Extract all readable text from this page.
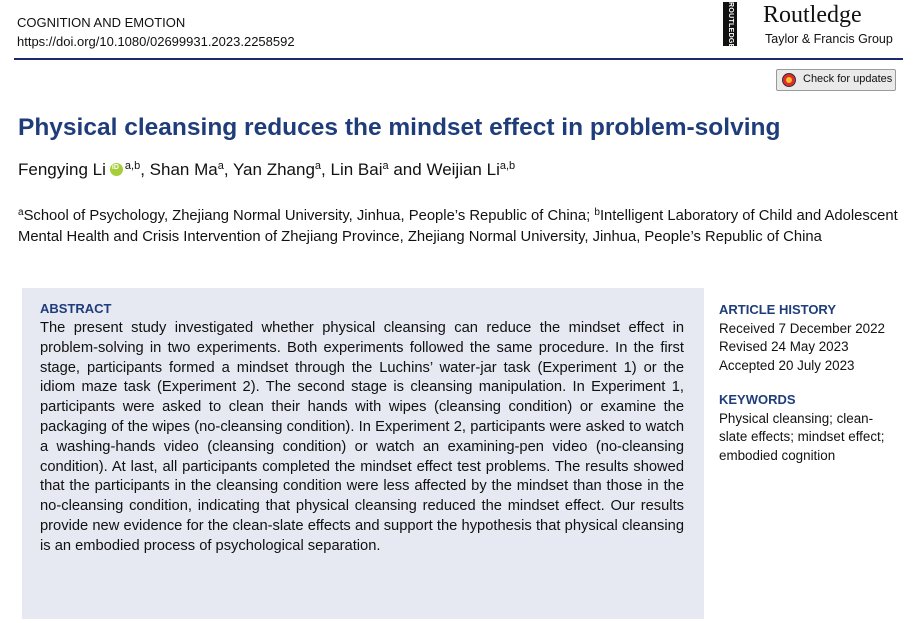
COGNITION AND EMOTION
https://doi.org/10.1080/02699931.2023.2258592	ROUTLEDGE Routledge
Taylor & Francis Group
Check for updates
Physical cleansing reduces the mindset effect in problem-solving
Fengying LiiD $^{a,b}$, Shan Ma$^a$, Yan Zhang$^a$, Lin Bai$^a$ and Weijian Li$^{a,b}$
$^a$School of Psychology, Zhejiang Normal University, Jinhua, People’s Republic of China; $^b$Intelligent Laboratory of Child and Adolescent Mental Health and Crisis Intervention of Zhejiang Province, Zhejiang Normal University, Jinhua, People’s Republic of China
ABSTRACT

The present study investigated whether physical cleansing can reduce the mindset effect in problem-solving in two experiments. Both experiments followed the same procedure. In the first stage, participants formed a mindset through the Luchins’ water-jar task (Experiment 1) or the idiom maze task (Experiment 2). The second stage is cleansing manipulation. In Experiment 1, participants were asked to clean their hands with wipes (cleansing condition) or examine the packaging of the wipes (no-cleansing condition). In Experiment 2, participants were asked to watch a washing-hands video (cleansing condition) or watch an examining-pen video (no-cleansing condition). At last, all participants completed the mindset effect test problems. The results showed that the participants in the cleansing condition were less affected by the mindset than those in the no-cleansing condition, indicating that physical cleansing reduced the mindset effect. Our results provide new evidence for the clean-slate effects and support the hypothesis that physical cleansing is an embodied process of psychological separation.

ARTICLE HISTORY
Received 7 December 2022
Revised 24 May 2023
Accepted 20 July 2023
KEYWORDS
Physical cleansing; clean-
slate effects; mindset effect;
embodied cognition
